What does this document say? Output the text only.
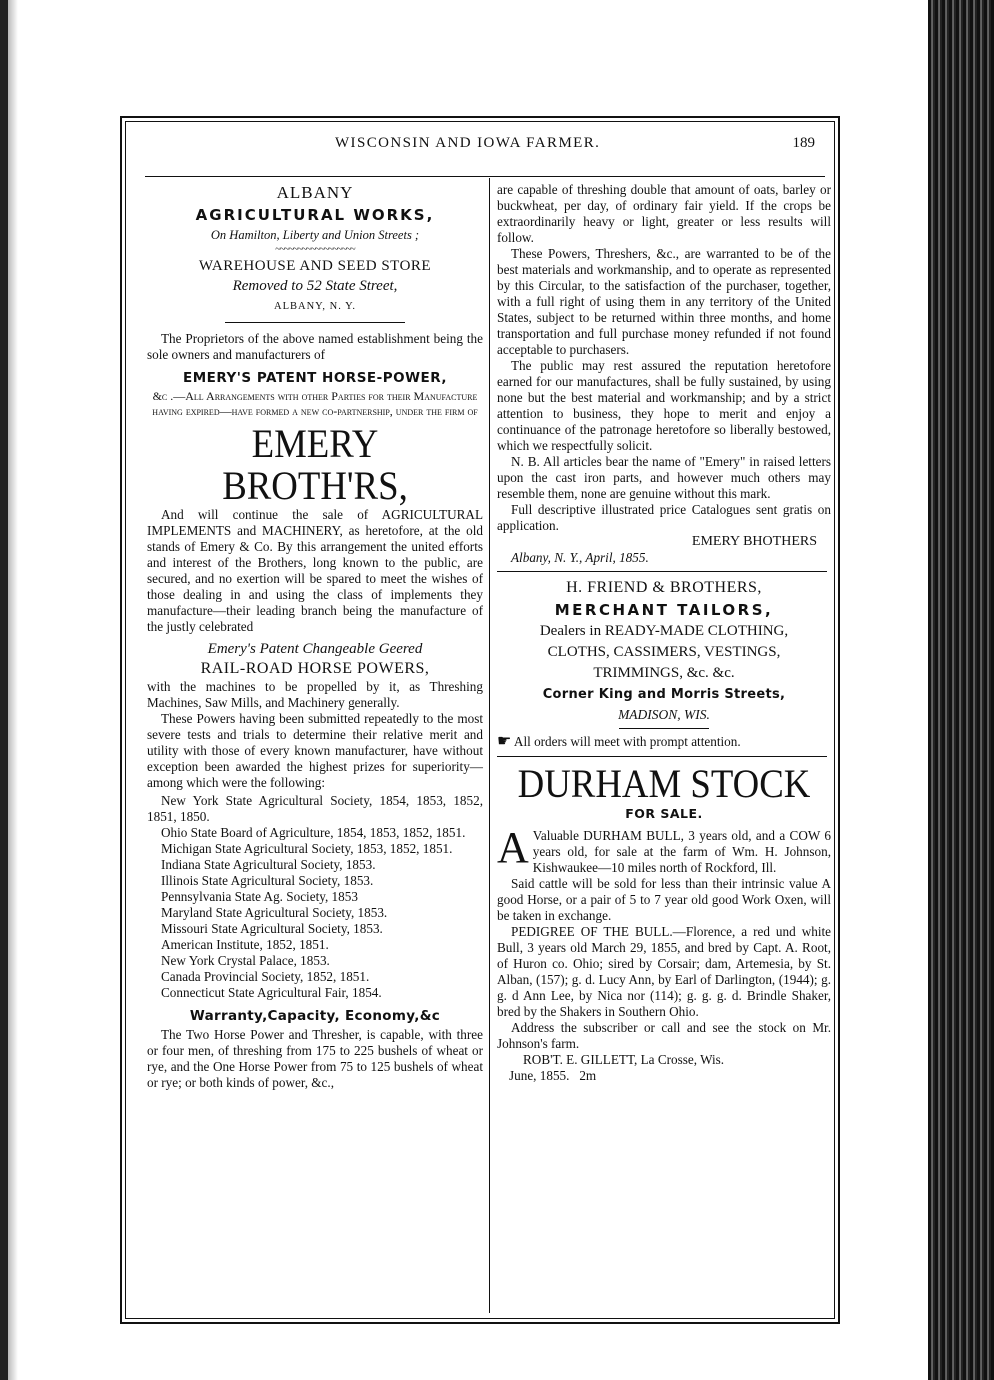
WISCONSIN AND IOWA FARMER.	189

ALBANY

AGRICULTURAL WORKS,

On Hamilton, Liberty and Union Streets ;

~~~~~~~~~~~~~~~~~~

WAREHOUSE AND SEED STORE

Removed to 52 State Street,

ALBANY, N. Y.

The Proprietors of the above named establishment being the sole owners and manufacturers of

EMERY'S PATENT HORSE-POWER,

&c .—All Arrangements with other Parties for their Manufacture having expired—have formed a new co-partnership, under the firm of

EMERY BROTH'RS,

And will continue the sale of AGRICULTURAL IMPLEMENTS and MACHINERY, as heretofore, at the old stands of Emery & Co. By this arrangement the united efforts and interest of the Brothers, long known to the public, are secured, and no exertion will be spared to meet the wishes of those dealing in and using the class of implements they manufacture—their leading branch being the manufacture of the justly celebrated

Emery's Patent Changeable Geered

RAIL-ROAD HORSE POWERS,

with the machines to be propelled by it, as Threshing Machines, Saw Mills, and Machinery generally.

These Powers having been submitted repeatedly to the most severe tests and trials to determine their relative merit and utility with those of every known manufacturer, have without exception been awarded the highest prizes for superiority—among which were the following:

New York State Agricultural Society, 1854, 1853, 1852, 1851, 1850.

Ohio State Board of Agriculture, 1854, 1853, 1852, 1851.

Michigan State Agricultural Society, 1853, 1852, 1851.

Indiana State Agricultural Society, 1853.

Illinois State Agricultural Society, 1853.

Pennsylvania State Ag. Society, 1853

Maryland State Agricultural Society, 1853.

Missouri State Agricultural Society, 1853.

American Institute, 1852, 1851.

New York Crystal Palace, 1853.

Canada Provincial Society, 1852, 1851.

Connecticut State Agricultural Fair, 1854.

Warranty,Capacity, Economy,&c

The Two Horse Power and Thresher, is capable, with three or four men, of threshing from 175 to 225 bushels of wheat or rye, and the One Horse Power from 75 to 125 bushels of wheat or rye; or both kinds of power, &c.,

are capable of threshing double that amount of oats, barley or buckwheat, per day, of ordinary fair yield. If the crops be extraordinarily heavy or light, greater or less results will follow.

These Powers, Threshers, &c., are warranted to be of the best materials and workmanship, and to operate as represented by this Circular, to the satisfaction of the purchaser, together, with a full right of using them in any territory of the United States, subject to be returned within three months, and home transportation and full purchase money refunded if not found acceptable to purchasers.

The public may rest assured the reputation heretofore earned for our manufactures, shall be fully sustained, by using none but the best material and workmanship; and by a strict attention to business, they hope to merit and enjoy a continuance of the patronage heretofore so liberally bestowed, which we respectfully solicit.

N. B. All articles bear the name of "Emery" in raised letters upon the cast iron parts, and however much others may resemble them, none are genuine without this mark.

Full descriptive illustrated price Catalogues sent gratis on application.

EMERY BHOTHERS

Albany, N. Y., April, 1855.

H. FRIEND & BROTHERS,

MERCHANT TAILORS,

Dealers in READY-MADE CLOTHING,

CLOTHS, CASSIMERS, VESTINGS,

TRIMMINGS, &c. &c.

Corner King and Morris Streets,

MADISON, WIS.

☛ All orders will meet with prompt attention.

DURHAM STOCK

FOR SALE.

A Valuable DURHAM BULL, 3 years old, and a COW 6 years old, for sale at the farm of Wm. H. Johnson, Kishwaukee—10 miles north of Rockford, Ill.

Said cattle will be sold for less than their intrinsic value A good Horse, or a pair of 5 to 7 year old good Work Oxen, will be taken in exchange.

PEDIGREE OF THE BULL.—Florence, a red und white Bull, 3 years old March 29, 1855, and bred by Capt. A. Root, of Huron co. Ohio; sired by Corsair; dam, Artemesia, by St. Alban, (157); g. d. Lucy Ann, by Earl of Darlington, (1944); g. g. d Ann Lee, by Nica nor (114); g. g. g. d. Brindle Shaker, bred by the Shakers in Southern Ohio.

Address the subscriber or call and see the stock on Mr. Johnson's farm.

ROB'T. E. GILLETT, La Crosse, Wis.

June, 1855.   2m
